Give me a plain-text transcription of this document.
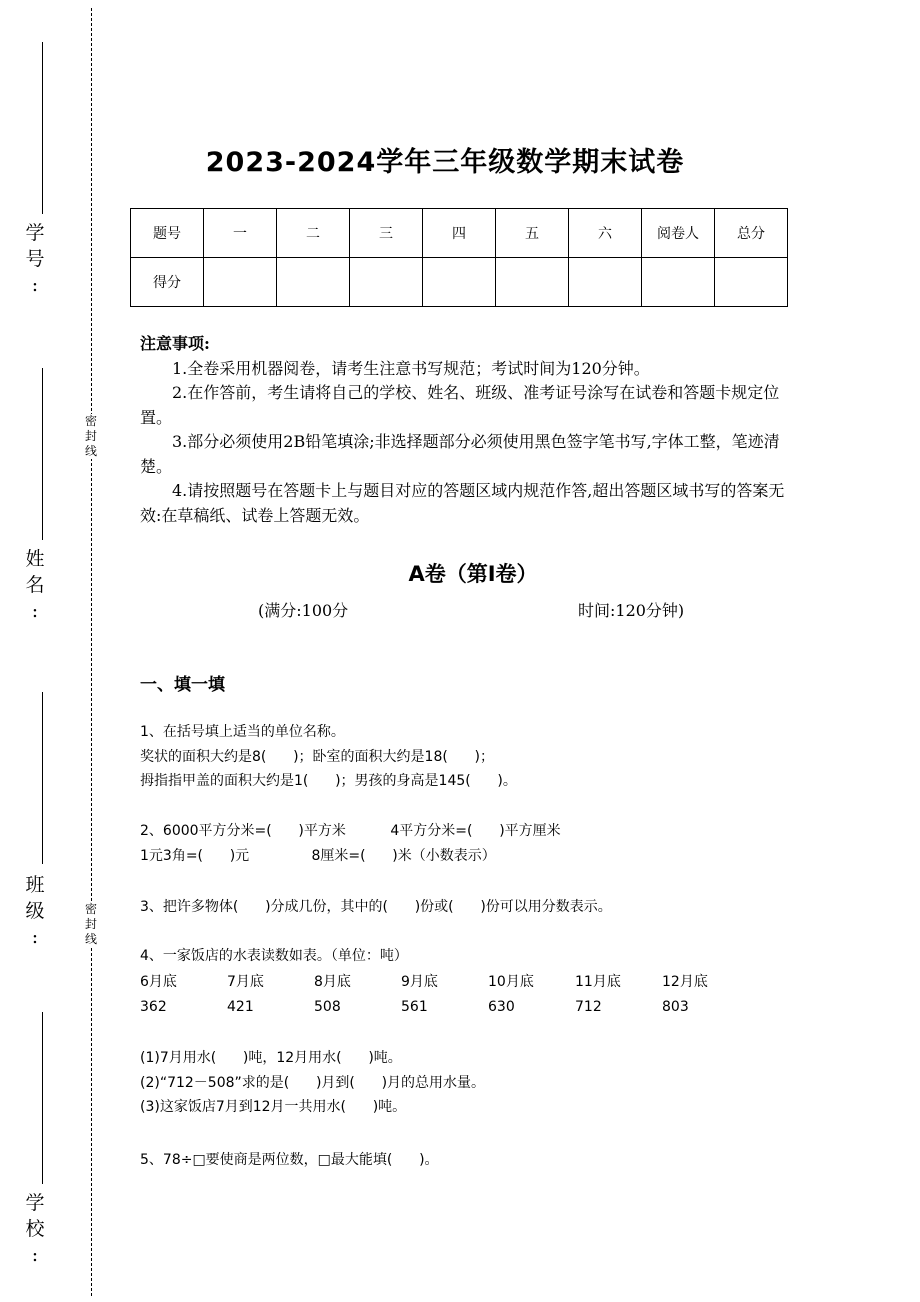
学
号
:
姓
名
:
班
级
:
学
校
:
密
封
线
密
封
线
2023-2024学年三年级数学期末试卷
题号	一	二	三	四	五	六	阅卷人	总分
得分								
注意事项:

1.全卷采用机器阅卷，请考生注意书写规范；考试时间为120分钟。

2.在作答前，考生请将自己的学校、姓名、班级、准考证号涂写在试卷和答题卡规定位置。

3.部分必须使用2B铅笔填涂;非选择题部分必须使用黑色签字笔书写,字体工整，笔迹清楚。

4.请按照题号在答题卡上与题目对应的答题区域内规范作答,超出答题区域书写的答案无效:在草稿纸、试卷上答题无效。

A卷（第I卷）
(满分:100分	时间:120分钟)
一、填一填
1、在括号填上适当的单位名称。
奖状的面积大约是8(      )；卧室的面积大约是18(      )；
拇指指甲盖的面积大约是1(      )；男孩的身高是145(      )。
2、6000平方分米=(      )平方米          4平方分米=(      )平方厘米
1元3角=(      )元              8厘米=(      )米（小数表示）
3、把许多物体(      )分成几份，其中的(      )份或(      )份可以用分数表示。
4、一家饭店的水表读数如表。（单位：吨）
6月底	7月底	8月底	9月底	10月底	11月底	12月底
362	421	508	561	630	712	803
(1)7月用水(      )吨，12月用水(      )吨。
(2)“712－508”求的是(      )月到(      )月的总用水量。
(3)这家饭店7月到12月一共用水(      )吨。
5、78÷□要使商是两位数，□最大能填(      )。
